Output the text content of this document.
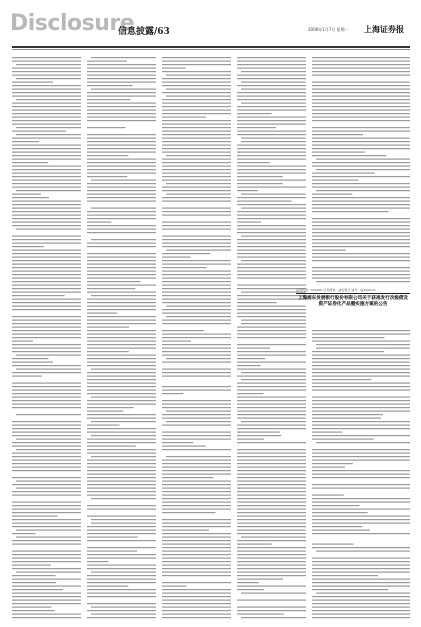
Disclosure
信息披露/63	2008年1月7日 星期一 上海证券报
证券代码：600000 证券简称：浦发银行 编号：临2008-01
上海浦东发展银行股份有限公司关于获准发行次级债及资产证券化产品暨实施方案的公告
